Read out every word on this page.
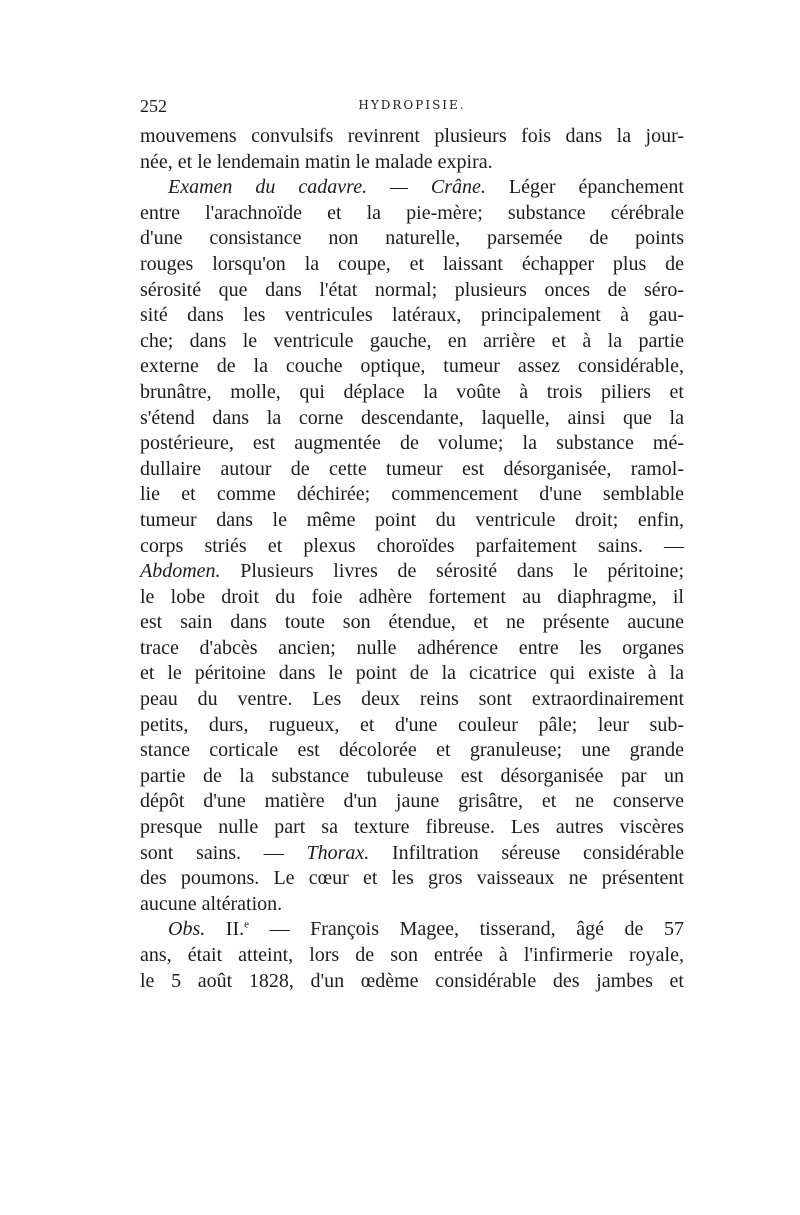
252	HYDROPISIE.
mouvemens convulsifs revinrent plusieurs fois dans la jour-
née, et le lendemain matin le malade expira.
Examen du cadavre. — Crâne. Léger épanchement
entre l'arachnoïde et la pie-mère; substance cérébrale
d'une consistance non naturelle, parsemée de points
rouges lorsqu'on la coupe, et laissant échapper plus de
sérosité que dans l'état normal; plusieurs onces de séro-
sité dans les ventricules latéraux, principalement à gau-
che; dans le ventricule gauche, en arrière et à la partie
externe de la couche optique, tumeur assez considérable,
brunâtre, molle, qui déplace la voûte à trois piliers et
s'étend dans la corne descendante, laquelle, ainsi que la
postérieure, est augmentée de volume; la substance mé-
dullaire autour de cette tumeur est désorganisée, ramol-
lie et comme déchirée; commencement d'une semblable
tumeur dans le même point du ventricule droit; enfin,
corps striés et plexus choroïdes parfaitement sains. —
Abdomen. Plusieurs livres de sérosité dans le péritoine;
le lobe droit du foie adhère fortement au diaphragme, il
est sain dans toute son étendue, et ne présente aucune
trace d'abcès ancien; nulle adhérence entre les organes
et le péritoine dans le point de la cicatrice qui existe à la
peau du ventre. Les deux reins sont extraordinairement
petits, durs, rugueux, et d'une couleur pâle; leur sub-
stance corticale est décolorée et granuleuse; une grande
partie de la substance tubuleuse est désorganisée par un
dépôt d'une matière d'un jaune grisâtre, et ne conserve
presque nulle part sa texture fibreuse. Les autres viscères
sont sains. — Thorax. Infiltration séreuse considérable
des poumons. Le cœur et les gros vaisseaux ne présentent
aucune altération.
Obs. II.$^e$ — François Magee, tisserand, âgé de 57
ans, était atteint, lors de son entrée à l'infirmerie royale,
le 5 août 1828, d'un œdème considérable des jambes et
